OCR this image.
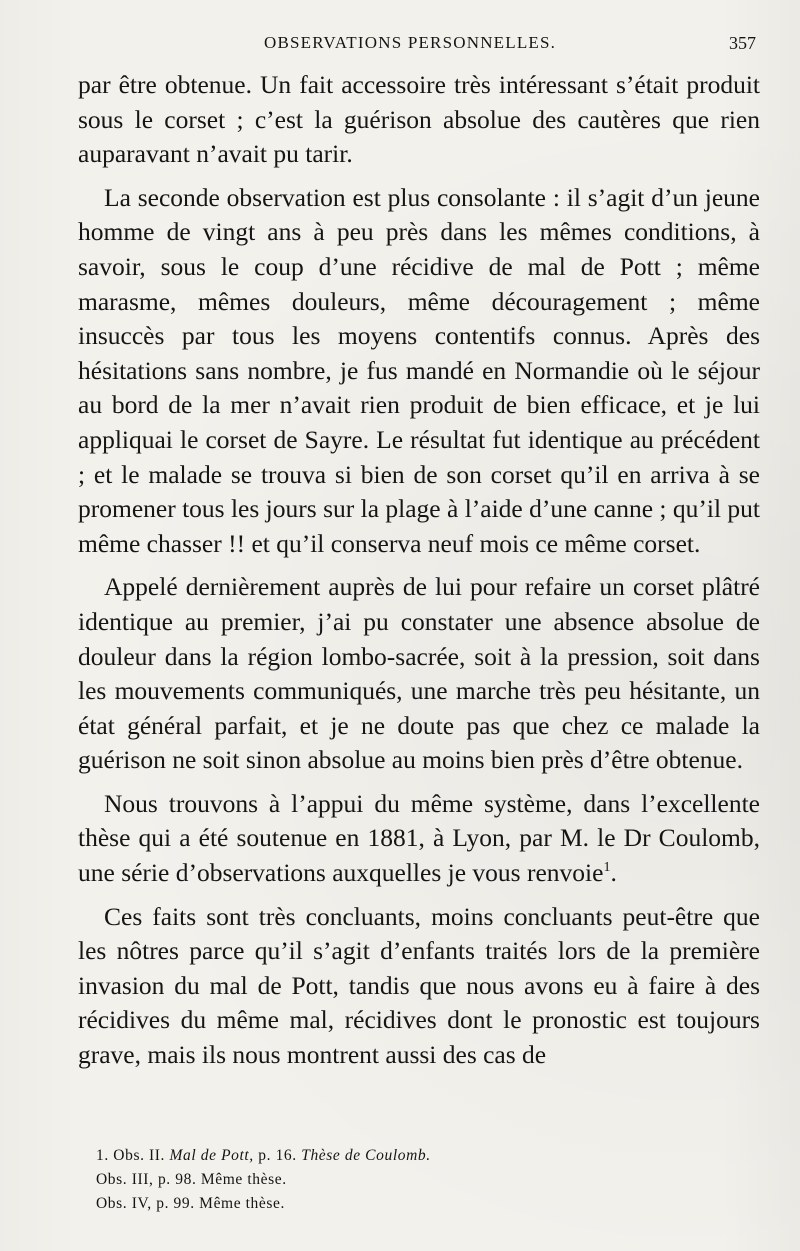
OBSERVATIONS PERSONNELLES.	357

par être obtenue. Un fait accessoire très intéressant s’était produit sous le corset ; c’est la guérison absolue des cautères que rien auparavant n’avait pu tarir.

La seconde observation est plus consolante : il s’agit d’un jeune homme de vingt ans à peu près dans les mêmes conditions, à savoir, sous le coup d’une récidive de mal de Pott ; même marasme, mêmes douleurs, même découragement ; même insuccès par tous les moyens contentifs connus. Après des hésitations sans nombre, je fus mandé en Normandie où le séjour au bord de la mer n’avait rien produit de bien efficace, et je lui appliquai le corset de Sayre. Le résultat fut identique au précédent ; et le malade se trouva si bien de son corset qu’il en arriva à se promener tous les jours sur la plage à l’aide d’une canne ; qu’il put même chasser !! et qu’il conserva neuf mois ce même corset.

Appelé dernièrement auprès de lui pour refaire un corset plâtré identique au premier, j’ai pu constater une absence absolue de douleur dans la région lombo-sacrée, soit à la pression, soit dans les mouvements communiqués, une marche très peu hésitante, un état général parfait, et je ne doute pas que chez ce malade la guérison ne soit sinon absolue au moins bien près d’être obtenue.

Nous trouvons à l’appui du même système, dans l’excellente thèse qui a été soutenue en 1881, à Lyon, par M. le Dr Coulomb, une série d’observations auxquelles je vous renvoie$^1$.

Ces faits sont très concluants, moins concluants peut-être que les nôtres parce qu’il s’agit d’enfants traités lors de la première invasion du mal de Pott, tandis que nous avons eu à faire à des récidives du même mal, récidives dont le pronostic est toujours grave, mais ils nous montrent aussi des cas de

1. Obs. II. Mal de Pott, p. 16. Thèse de Coulomb.
Obs. III, p. 98. Même thèse.
Obs. IV, p. 99. Même thèse.
